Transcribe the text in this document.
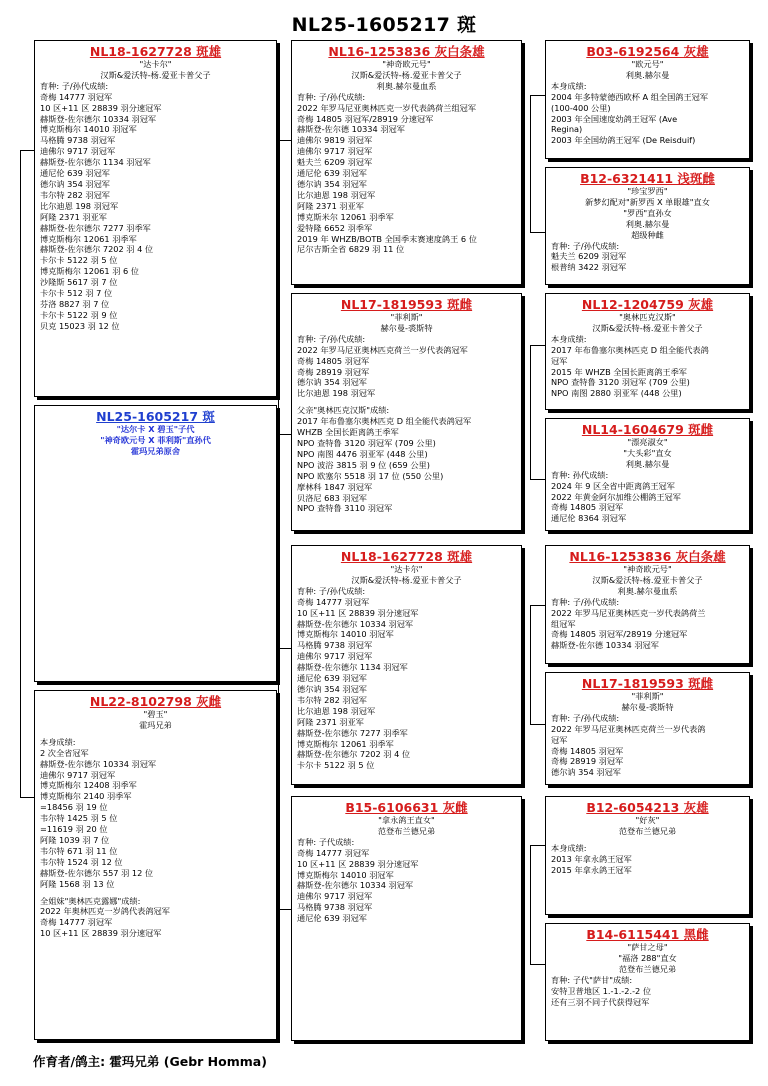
NL25-1605217 斑
NL18-1627728 斑雄
"达卡尔"
汉斯&爱沃特-杨.爱亚卡普父子
育种: 子/孙代成绩:
奇梅 14777 羽冠军
10 区+11 区 28839 羽分速冠军
赫斯登-佐尔德尔 10334 羽冠军
博克斯梅尔 14010 羽冠军
马格腾 9738 羽冠军
迪佛尔 9717 羽冠军
赫斯登-佐尔德尔 1134 羽冠军
通尼伦 639 羽冠军
德尔讷 354 羽冠军
韦尔特 282 羽冠军
比尔迪恩 198 羽冠军
阿隆 2371 羽亚军
赫斯登-佐尔德尔 7277 羽季军
博克斯梅尔 12061 羽季军
赫斯登-佐尔德尔 7202 羽 4 位
卡尔卡 5122 羽 5 位
博克斯梅尔 12061 羽 6 位
沙隆斯 5617 羽 7 位
卡尔卡 512 羽 7 位
芬洛 8827 羽 7 位
卡尔卡 5122 羽 9 位
贝克 15023 羽 12 位
NL25-1605217 斑
"达尔卡 X 碧玉"子代
"神奇欧元号 X 菲利斯"直孙代
霍玛兄弟原舍
NL22-8102798 灰雌
"碧玉"
霍玛兄弟
本身成绩:
2 次全省冠军
赫斯登-佐尔德尔 10334 羽冠军
迪佛尔 9717 羽冠军
博克斯梅尔 12408 羽季军
博克斯梅尔 2140 羽季军
=18456 羽 19 位
韦尔特 1425 羽 5 位
=11619 羽 20 位
阿隆 1039 羽 7 位
韦尔特 671 羽 11 位
韦尔特 1524 羽 12 位
赫斯登-佐尔德尔 557 羽 12 位
阿隆 1568 羽 13 位
全姐妹"奥林匹克露娜"成绩:
2022 年奥林匹克一岁鸽代表鸽冠军
奇梅 14777 羽冠军
10 区+11 区 28839 羽分速冠军
NL16-1253836 灰白条雄
"神奇欧元号"
汉斯&爱沃特-杨.爱亚卡普父子
利奥.赫尔曼血系
育种: 子/孙代成绩:
2022 年罗马尼亚奥林匹克一岁代表鸽荷兰组冠军
奇梅 14805 羽冠军/28919 分速冠军
赫斯登-佐尔德 10334 羽冠军
迪佛尔 9819 羽冠军
迪佛尔 9717 羽冠军
魁夫兰 6209 羽冠军
通尼伦 639 羽冠军
德尔讷 354 羽冠军
比尔迪恩 198 羽冠军
阿隆 2371 羽亚军
博克斯米尔 12061 羽季军
爱特隆 6652 羽季军
2019 年 WHZB/BOTB 全国季末赛速度鸽王 6 位
尼尔吉斯全省 6829 羽 11 位
NL17-1819593 斑雌
"菲利斯"
赫尔曼-裘斯特
育种: 子/孙代成绩:
2022 年罗马尼亚奥林匹克荷兰一岁代表鸽冠军
奇梅 14805 羽冠军
奇梅 28919 羽冠军
德尔讷 354 羽冠军
比尔迪恩 198 羽冠军
父亲"奥林匹克汉斯"成绩:
2017 年布鲁塞尔奥林匹克 D 组全能代表鸽冠军
WHZB 全国长距离鸽王季军
NPO 查特鲁 3120 羽冠军 (709 公里)
NPO 南图 4476 羽亚军 (448 公里)
NPO 波浴 3815 羽 9 位 (659 公里)
NPO 欧塞尔 5518 羽 17 位 (550 公里)
摩林科 1847 羽冠军
贝洛尼 683 羽冠军
NPO 查特鲁 3110 羽冠军
NL18-1627728 斑雄
"达卡尔"
汉斯&爱沃特-杨.爱亚卡普父子
育种: 子/孙代成绩:
奇梅 14777 羽冠军
10 区+11 区 28839 羽分速冠军
赫斯登-佐尔德尔 10334 羽冠军
博克斯梅尔 14010 羽冠军
马格腾 9738 羽冠军
迪佛尔 9717 羽冠军
赫斯登-佐尔德尔 1134 羽冠军
通尼伦 639 羽冠军
德尔讷 354 羽冠军
韦尔特 282 羽冠军
比尔迪恩 198 羽冠军
阿隆 2371 羽亚军
赫斯登-佐尔德尔 7277 羽季军
博克斯梅尔 12061 羽季军
赫斯登-佐尔德尔 7202 羽 4 位
卡尔卡 5122 羽 5 位
B15-6106631 灰雌
"拿永鸽王直女"
范登布兰德兄弟
育种: 子代成绩:
奇梅 14777 羽冠军
10 区+11 区 28839 羽分速冠军
博克斯梅尔 14010 羽冠军
赫斯登-佐尔德尔 10334 羽冠军
迪佛尔 9717 羽冠军
马格腾 9738 羽冠军
通尼伦 639 羽冠军
B03-6192564 灰雄
"欧元号"
利奥.赫尔曼
本身成绩:
2004 年多特蒙德西欧杯 A 组全国鸽王冠军
(100-400 公里)
2003 年全国速度幼鸽王冠军 (Ave
Regina)
2003 年全国幼鸽王冠军 (De Reisduif)
B12-6321411 浅斑雌
"珍宝罗西"
新梦幻配对"新罗西 X 单眼雄"直女
"罗西"直孙女
利奥.赫尔曼
超级种雌
育种: 子/孙代成绩:
魁夫兰 6209 羽冠军
根普纳 3422 羽冠军
NL12-1204759 灰雄
"奥林匹克汉斯"
汉斯&爱沃特-杨.爱亚卡普父子
本身成绩:
2017 年布鲁塞尔奥林匹克 D 组全能代表鸽
冠军
2015 年 WHZB 全国长距离鸽王季军
NPO 查特鲁 3120 羽冠军 (709 公里)
NPO 南图 2880 羽亚军 (448 公里)
NL14-1604679 斑雌
"漂亮淑女"
"大头彩"直女
利奥.赫尔曼
育种: 孙代成绩:
2024 年 9 区全省中距离鸽王冠军
2022 年黄金阿尔加维公棚鸽王冠军
奇梅 14805 羽冠军
通尼伦 8364 羽冠军
NL16-1253836 灰白条雄
"神奇欧元号"
汉斯&爱沃特-杨.爱亚卡普父子
利奥.赫尔曼血系
育种: 子/孙代成绩:
2022 年罗马尼亚奥林匹克一岁代表鸽荷兰
组冠军
奇梅 14805 羽冠军/28919 分速冠军
赫斯登-佐尔德 10334 羽冠军
NL17-1819593 斑雌
"菲利斯"
赫尔曼-裘斯特
育种: 子/孙代成绩:
2022 年罗马尼亚奥林匹克荷兰一岁代表鸽
冠军
奇梅 14805 羽冠军
奇梅 28919 羽冠军
德尔讷 354 羽冠军
B12-6054213 灰雄
"好灰"
范登布兰德兄弟
本身成绩:
2013 年拿永鸽王冠军
2015 年拿永鸽王冠军
B14-6115441 黑雌
"萨甘之母"
"福洛 288"直女
范登布兰德兄弟
育种: 子代"萨甘"成绩:
安特卫普地区 1.-1.-2.-2 位
还有三羽不同子代获得冠军
作育者/鸽主: 霍玛兄弟 (Gebr Homma)
